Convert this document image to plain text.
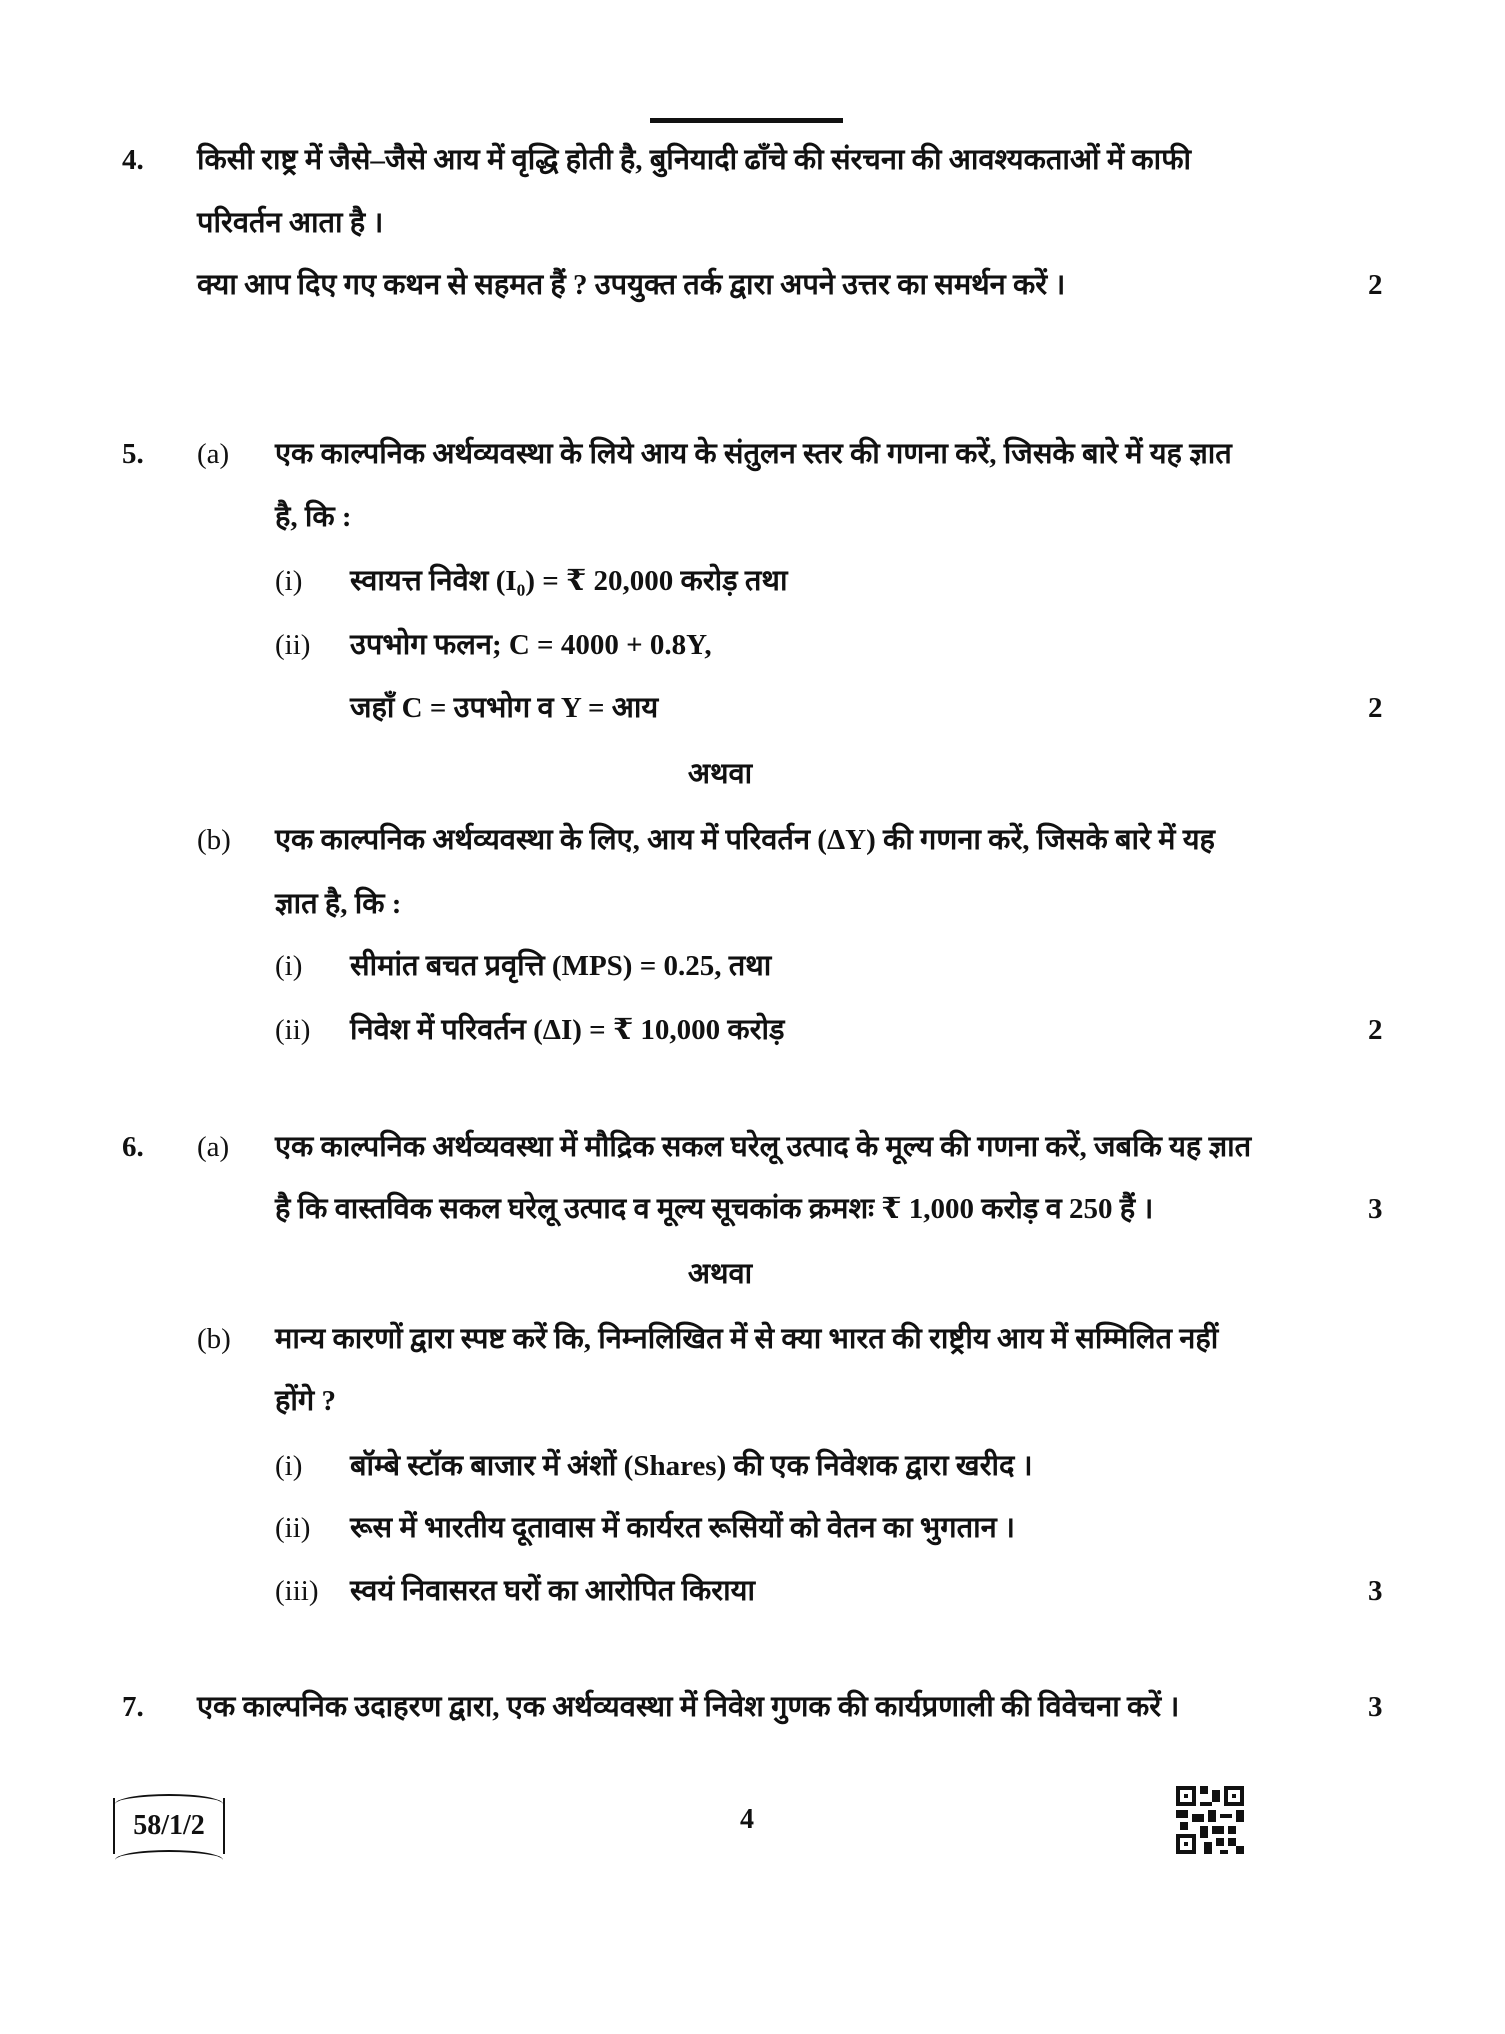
4. किसी राष्ट्र में जैसे–जैसे आय में वृद्धि होती है, बुनियादी ढाँचे की संरचना की आवश्यकताओं में काफी
परिवर्तन आता है ।
क्या आप दिए गए कथन से सहमत हैं ? उपयुक्त तर्क द्वारा अपने उत्तर का समर्थन करें ।	2
5. (a) एक काल्पनिक अर्थव्यवस्था के लिये आय के संतुलन स्तर की गणना करें, जिसके बारे में यह ज्ञात
है, कि :
(i) स्वायत्त निवेश (I₀) = ₹ 20,000 करोड़ तथा
(ii) उपभोग फलन; C = 4000 + 0.8Y,
जहाँ C = उपभोग व Y = आय	2
अथवा
(b) एक काल्पनिक अर्थव्यवस्था के लिए, आय में परिवर्तन (ΔY) की गणना करें, जिसके बारे में यह
ज्ञात है, कि :
(i) सीमांत बचत प्रवृत्ति (MPS) = 0.25, तथा
(ii) निवेश में परिवर्तन (ΔI) = ₹ 10,000 करोड़	2
6. (a) एक काल्पनिक अर्थव्यवस्था में मौद्रिक सकल घरेलू उत्पाद के मूल्य की गणना करें, जबकि यह ज्ञात
है कि वास्तविक सकल घरेलू उत्पाद व मूल्य सूचकांक क्रमशः ₹ 1,000 करोड़ व 250 हैं ।	3
अथवा
(b) मान्य कारणों द्वारा स्पष्ट करें कि, निम्नलिखित में से क्या भारत की राष्ट्रीय आय में सम्मिलित नहीं
होंगे ?
(i) बॉम्बे स्टॉक बाजार में अंशों (Shares) की एक निवेशक द्वारा खरीद ।
(ii) रूस में भारतीय दूतावास में कार्यरत रूसियों को वेतन का भुगतान ।
(iii) स्वयं निवासरत घरों का आरोपित किराया	3
7. एक काल्पनिक उदाहरण द्वारा, एक अर्थव्यवस्था में निवेश गुणक की कार्यप्रणाली की विवेचना करें ।	3
58/1/2	4
